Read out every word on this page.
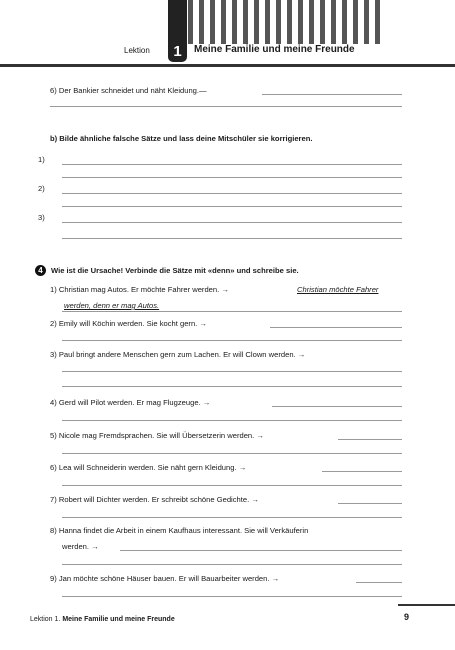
1
Lektion	Meine Familie und meine Freunde
6) Der Bankier schneidet und näht Kleidung.—
b) Bilde ähnliche falsche Sätze und lass deine Mitschüler sie korrigieren.
1)
2)
3)
4	Wie ist die Ursache! Verbinde die Sätze mit «denn» und schreibe sie.
1) Christian mag Autos. Er möchte Fahrer werden. →	Christian möchte Fahrer
werden, denn er mag Autos.
2) Emily will Köchin werden. Sie kocht gern. →
3) Paul bringt andere Menschen gern zum Lachen. Er will Clown werden. →
4) Gerd will Pilot werden. Er mag Flugzeuge. →
5) Nicole mag Fremdsprachen. Sie will Übersetzerin werden. →
6) Lea will Schneiderin werden. Sie näht gern Kleidung. →
7) Robert will Dichter werden. Er schreibt schöne Gedichte. →
8) Hanna findet die Arbeit in einem Kaufhaus interessant. Sie will Verkäuferin
werden. →
9) Jan möchte schöne Häuser bauen. Er will Bauarbeiter werden. →
Lektion 1. Meine Familie und meine Freunde	9
